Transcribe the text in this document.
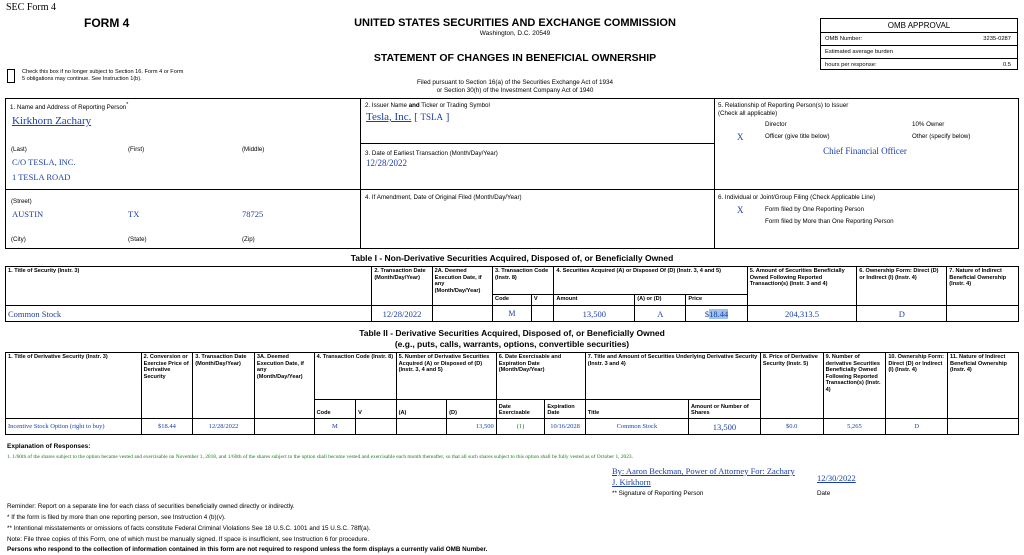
SEC Form 4
FORM 4	UNITED STATES SECURITIES AND EXCHANGE COMMISSION
Washington, D.C. 20549
STATEMENT OF CHANGES IN BENEFICIAL OWNERSHIP
Filed pursuant to Section 16(a) of the Securities Exchange Act of 1934
or Section 30(h) of the Investment Company Act of 1940
Check this box if no longer subject to Section 16. Form 4 or Form
5 obligations may continue. See Instruction 1(b).
OMB APPROVAL
OMB Number:	3235-0287
Estimated average burden
hours per response:	0.5
1. Name and Address of Reporting Person*
Kirkhorn Zachary
(Last)	(First)	(Middle)
C/O TESLA, INC.
1 TESLA ROAD
(Street)
AUSTIN	TX	78725
(City)	(State)	(Zip)
2. Issuer Name and Ticker or Trading Symbol
Tesla, Inc. [ TSLA ]
3. Date of Earliest Transaction (Month/Day/Year)
12/28/2022
4. If Amendment, Date of Original Filed (Month/Day/Year)
5. Relationship of Reporting Person(s) to Issuer
(Check all applicable)
Director	10% Owner
X	Officer (give title below)	Other (specify below)
Chief Financial Officer
6. Individual or Joint/Group Filing (Check Applicable Line)
X	Form filed by One Reporting Person
Form filed by More than One Reporting Person
Table I - Non-Derivative Securities Acquired, Disposed of, or Beneficially Owned
1. Title of Security (Instr. 3)	2. Transaction Date (Month/Day/Year)	2A. Deemed Execution Date, if any (Month/Day/Year)	3. Transaction Code (Instr. 8)		4. Securities Acquired (A) or Disposed Of (D) (Instr. 3, 4 and 5)			5. Amount of Securities Beneficially Owned Following Reported Transaction(s) (Instr. 3 and 4)	6. Ownership Form: Direct (D) or Indirect (I) (Instr. 4)	7. Nature of Indirect Beneficial Ownership (Instr. 4)
			Code	V	Amount	(A) or (D)	Price			
Common Stock	12/28/2022		M		13,500	A	$18.44	204,313.5	D	
Table II - Derivative Securities Acquired, Disposed of, or Beneficially Owned
(e.g., puts, calls, warrants, options, convertible securities)
1. Title of Derivative Security (Instr. 3)	2. Conversion or Exercise Price of Derivative Security	3. Transaction Date (Month/Day/Year)	3A. Deemed Execution Date, if any (Month/Day/Year)	4. Transaction Code (Instr. 8)		5. Number of Derivative Securities Acquired (A) or Disposed of (D) (Instr. 3, 4 and 5)		6. Date Exercisable and Expiration Date (Month/Day/Year)		7. Title and Amount of Securities Underlying Derivative Security (Instr. 3 and 4)		8. Price of Derivative Security (Instr. 5)	9. Number of derivative Securities Beneficially Owned Following Reported Transaction(s) (Instr. 4)	10. Ownership Form: Direct (D) or Indirect (I) (Instr. 4)	11. Nature of Indirect Beneficial Ownership (Instr. 4)
				Code	V	(A)	(D)	Date Exercisable	Expiration Date	Title	Amount or Number of Shares				
Incentive Stock Option (right to buy)	$18.44	12/28/2022		M			13,500	(1)	10/16/2028	Common Stock	13,500	$0.0	5,265	D	
Explanation of Responses:
1. 1/60th of the shares subject to the option became vested and exercisable on November 1, 2018, and 1/60th of the shares subject to the option shall become vested and exercisable each month thereafter, so that all such shares subject to this option shall be fully vested as of October 1, 2023.
By: Aaron Beckman, Power of Attorney For: Zachary
J. Kirkhorn	12/30/2022
** Signature of Reporting Person	Date
Reminder: Report on a separate line for each class of securities beneficially owned directly or indirectly.
* If the form is filed by more than one reporting person, see Instruction 4 (b)(v).
** Intentional misstatements or omissions of facts constitute Federal Criminal Violations See 18 U.S.C. 1001 and 15 U.S.C. 78ff(a).
Note: File three copies of this Form, one of which must be manually signed. If space is insufficient, see Instruction 6 for procedure.
Persons who respond to the collection of information contained in this form are not required to respond unless the form displays a currently valid OMB Number.
